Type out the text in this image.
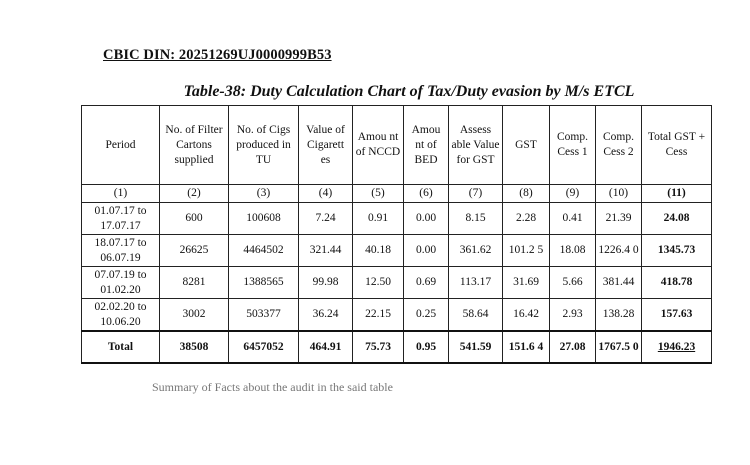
CBIC DIN: 20251269UJ0000999B53
Table-38: Duty Calculation Chart of Tax/Duty evasion by M/s ETCL
Period	No. of Filter Cartons supplied	No. of Cigs produced in TU	Value of Cigarett es	Amou nt of NCCD	Amou nt of BED	Assess able Value for GST	GST	Comp. Cess 1	Comp. Cess 2	Total GST + Cess
(1)	(2)	(3)	(4)	(5)	(6)	(7)	(8)	(9)	(10)	(11)
01.07.17 to 17.07.17	600	100608	7.24	0.91	0.00	8.15	2.28	0.41	21.39	24.08
18.07.17 to 06.07.19	26625	4464502	321.44	40.18	0.00	361.62	101.2 5	18.08	1226.4 0	1345.73
07.07.19 to 01.02.20	8281	1388565	99.98	12.50	0.69	113.17	31.69	5.66	381.44	418.78
02.02.20 to 10.06.20	3002	503377	36.24	22.15	0.25	58.64	16.42	2.93	138.28	157.63
Total	38508	6457052	464.91	75.73	0.95	541.59	151.6 4	27.08	1767.5 0	1946.23
Summary of Facts about the audit in the said table
